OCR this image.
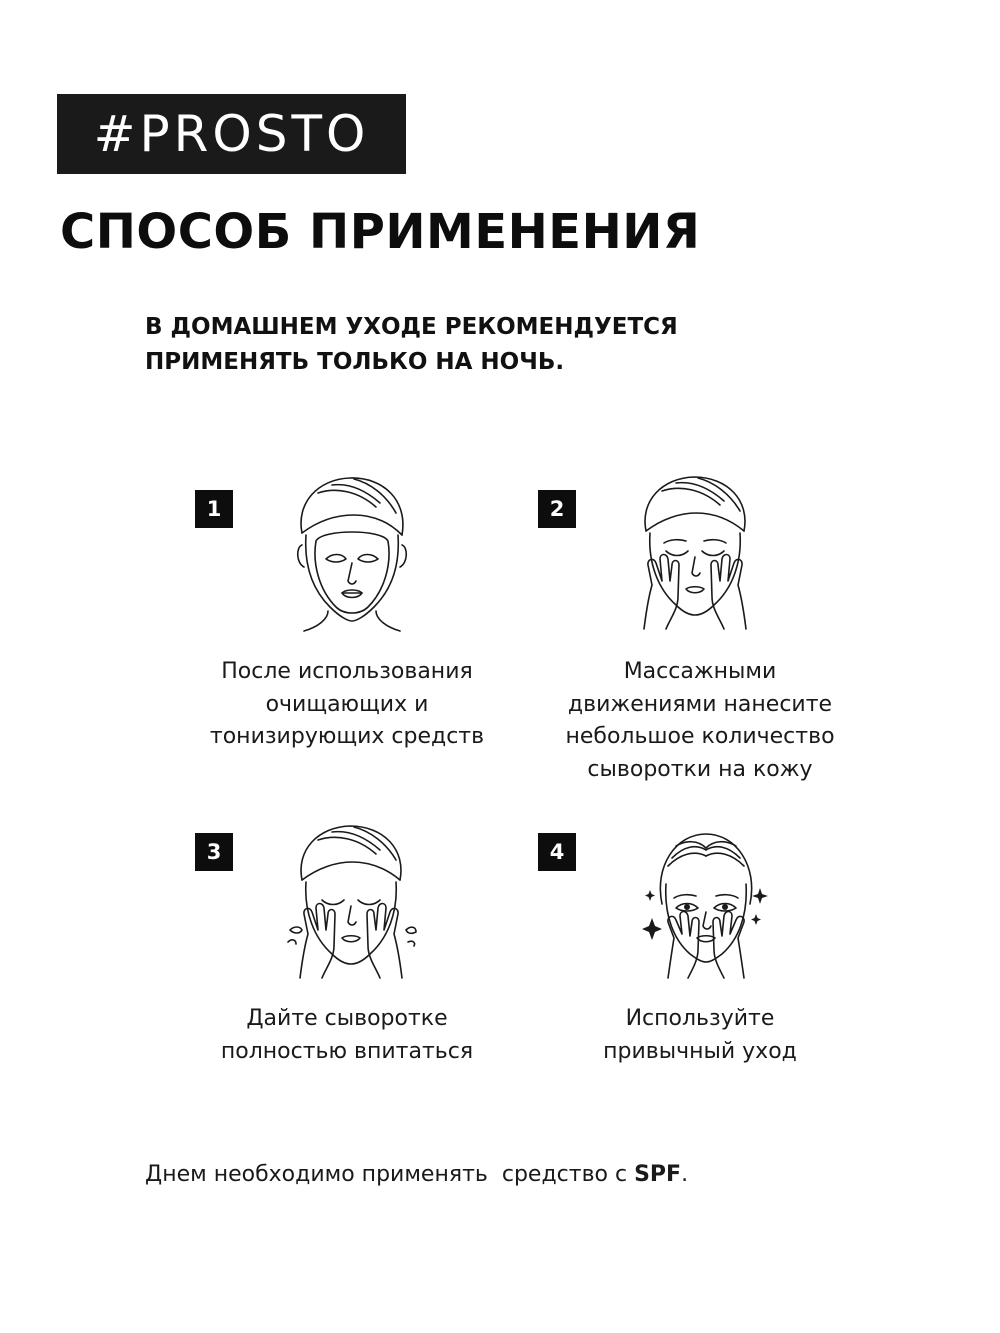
#PROSTO
СПОСОБ ПРИМЕНЕНИЯ
В ДОМАШНЕМ УХОДЕ РЕКОМЕНДУЕТСЯ
ПРИМЕНЯТЬ ТОЛЬКО НА НОЧЬ.
1
После использования
очищающих и
тонизирующих средств
2
Массажными
движениями нанесите
небольшое количество
сыворотки на кожу
3
Дайте сыворотке
полностью впитаться
4
Используйте
привычный уход
Днем необходимо применять  средство с SPF.
